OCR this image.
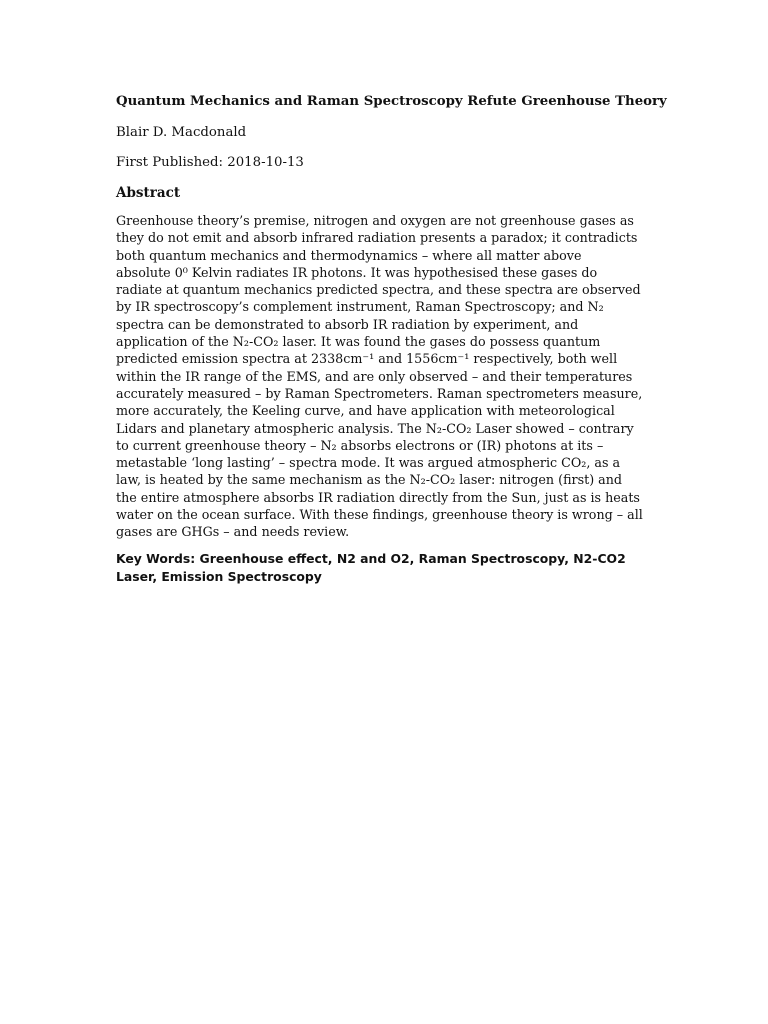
Quantum Mechanics and Raman Spectroscopy Refute Greenhouse Theory
Blair D. Macdonald
First Published: 2018-10-13
Abstract
Greenhouse theory’s premise, nitrogen and oxygen are not greenhouse gases as
they do not emit and absorb infrared radiation presents a paradox; it contradicts
both quantum mechanics and thermodynamics – where all matter above
absolute 0⁰ Kelvin radiates IR photons. It was hypothesised these gases do
radiate at quantum mechanics predicted spectra, and these spectra are observed
by IR spectroscopy’s complement instrument, Raman Spectroscopy; and N₂
spectra can be demonstrated to absorb IR radiation by experiment, and
application of the N₂-CO₂ laser. It was found the gases do possess quantum
predicted emission spectra at 2338cm⁻¹ and 1556cm⁻¹ respectively, both well
within the IR range of the EMS, and are only observed – and their temperatures
accurately measured – by Raman Spectrometers. Raman spectrometers measure,
more accurately, the Keeling curve, and have application with meteorological
Lidars and planetary atmospheric analysis. The N₂-CO₂ Laser showed – contrary
to current greenhouse theory – N₂ absorbs electrons or (IR) photons at its –
metastable ‘long lasting’ – spectra mode. It was argued atmospheric CO₂, as a
law, is heated by the same mechanism as the N₂-CO₂ laser: nitrogen (first) and
the entire atmosphere absorbs IR radiation directly from the Sun, just as is heats
water on the ocean surface. With these findings, greenhouse theory is wrong – all
gases are GHGs – and needs review.
Key Words: Greenhouse effect, N2 and O2, Raman Spectroscopy, N2-CO2 Laser, Emission Spectroscopy
